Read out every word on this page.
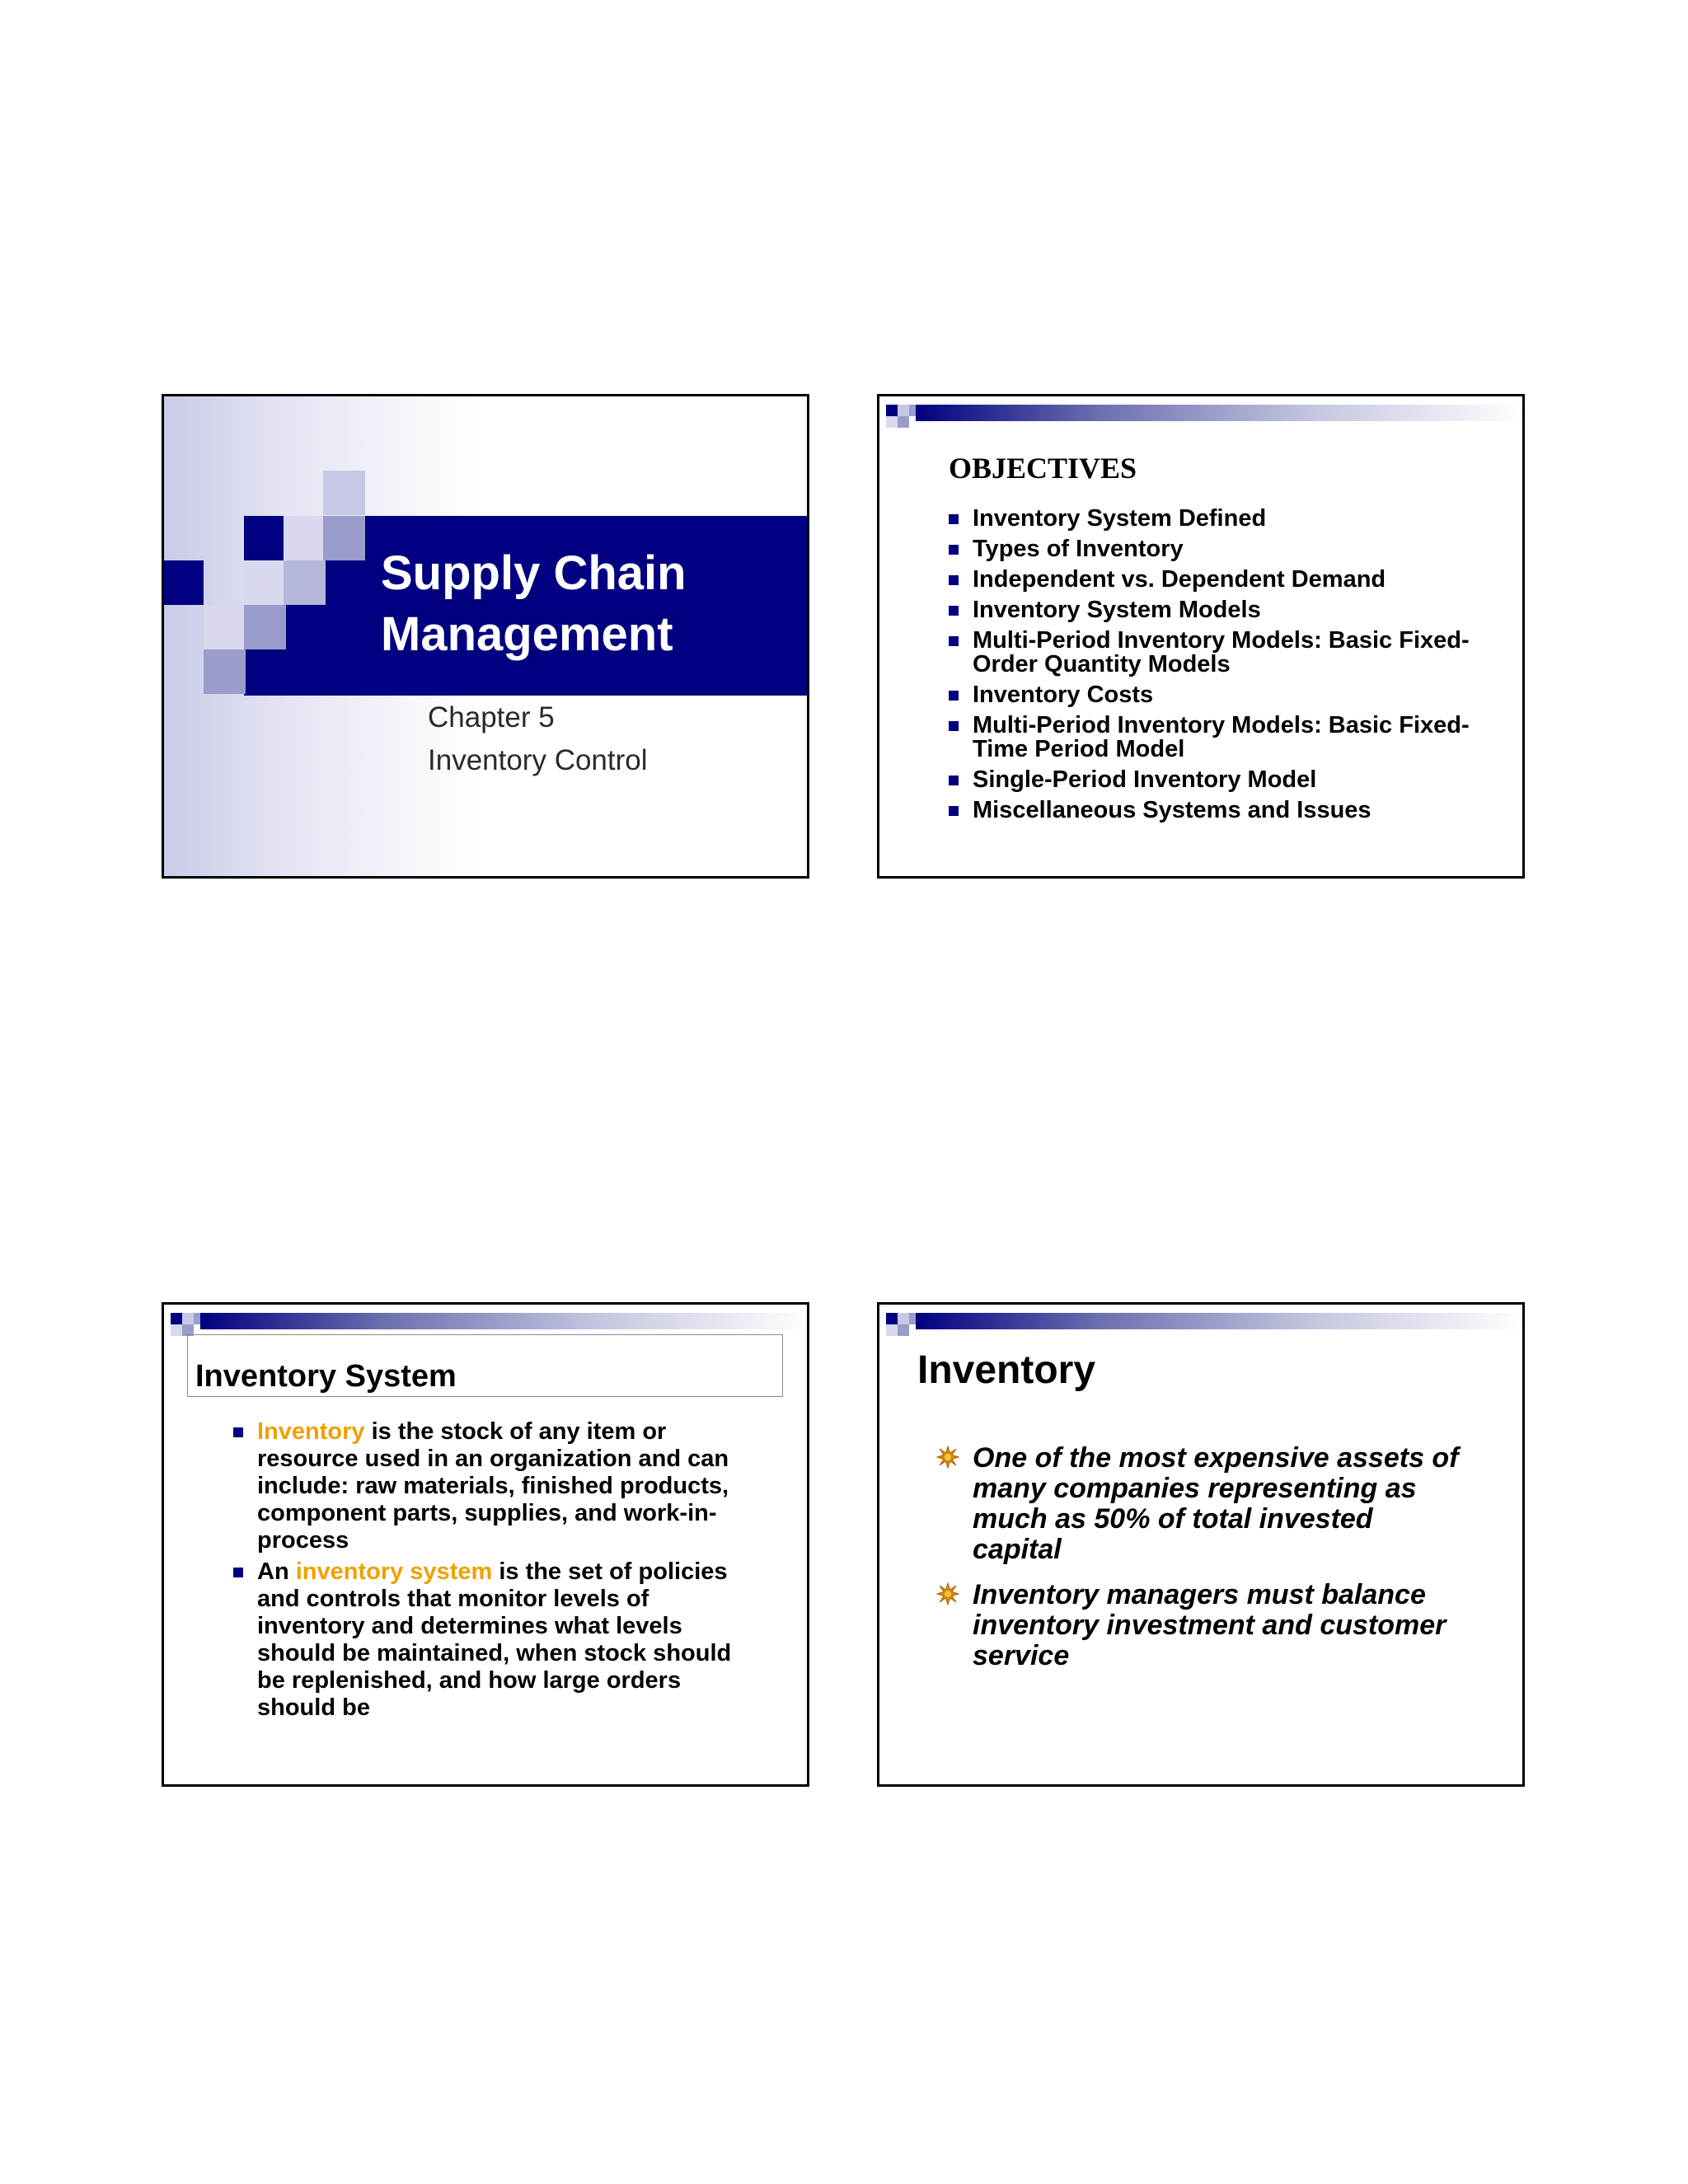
Supply Chain
Management
Chapter 5
Inventory Control
OBJECTIVES
Inventory System Defined
Types of Inventory
Independent vs. Dependent Demand
Inventory System Models
Multi-Period Inventory Models: Basic Fixed-Order Quantity Models
Inventory Costs
Multi-Period Inventory Models: Basic Fixed-Time Period Model
Single-Period Inventory Model
Miscellaneous Systems and Issues
Inventory System
Inventory is the stock of any item or resource used in an organization and can include: raw materials, finished products, component parts, supplies, and work-in-process
An inventory system is the set of policies and controls that monitor levels of inventory and determines what levels should be maintained, when stock should be replenished, and how large orders should be
Inventory
One of the most expensive assets of many companies representing as much as 50% of total invested capital
Inventory managers must balance inventory investment and customer service
